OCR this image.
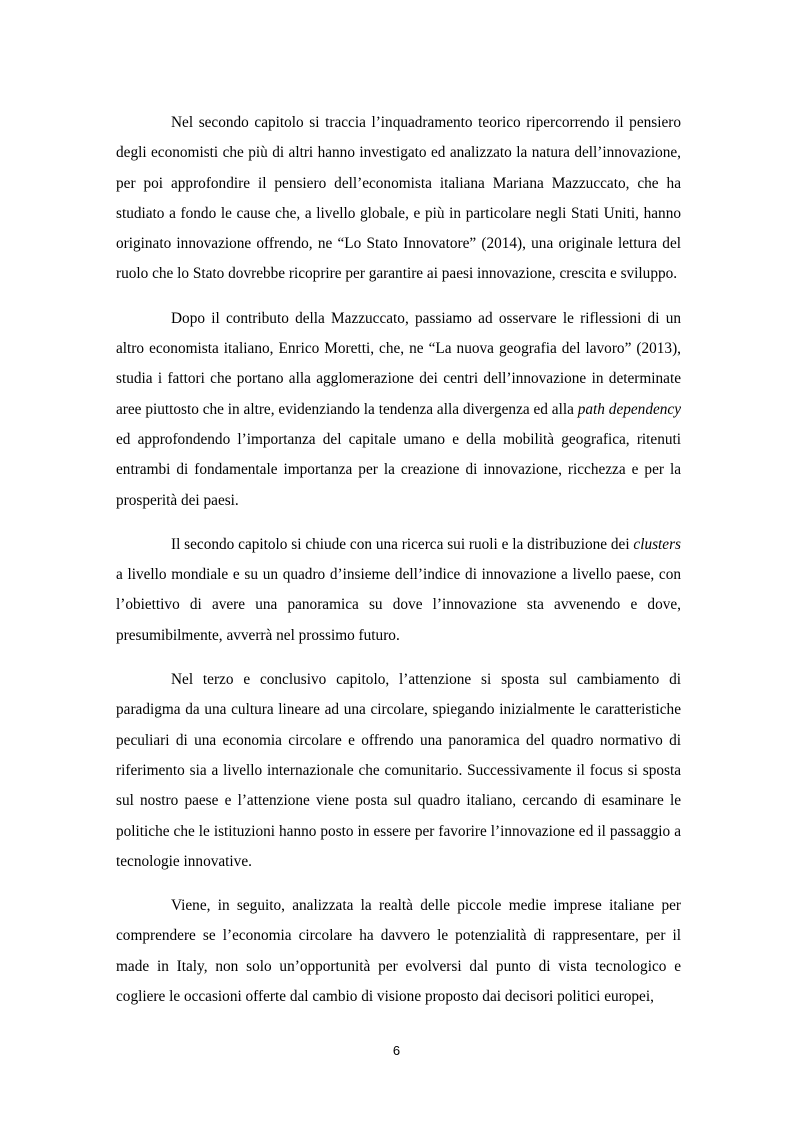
Nel secondo capitolo si traccia l’inquadramento teorico ripercorrendo il pensiero degli economisti che più di altri hanno investigato ed analizzato la natura dell’innovazione, per poi approfondire il pensiero dell’economista italiana Mariana Mazzuccato, che ha studiato a fondo le cause che, a livello globale, e più in particolare negli Stati Uniti, hanno originato innovazione offrendo, ne “Lo Stato Innovatore” (2014), una originale lettura del ruolo che lo Stato dovrebbe ricoprire per garantire ai paesi innovazione, crescita e sviluppo.

Dopo il contributo della Mazzuccato, passiamo ad osservare le riflessioni di un altro economista italiano, Enrico Moretti, che, ne “La nuova geografia del lavoro” (2013), studia i fattori che portano alla agglomerazione dei centri dell’innovazione in determinate aree piuttosto che in altre, evidenziando la tendenza alla divergenza ed alla path dependency ed approfondendo l’importanza del capitale umano e della mobilità geografica, ritenuti entrambi di fondamentale importanza per la creazione di innovazione, ricchezza e per la prosperità dei paesi.

Il secondo capitolo si chiude con una ricerca sui ruoli e la distribuzione dei clusters a livello mondiale e su un quadro d’insieme dell’indice di innovazione a livello paese, con l’obiettivo di avere una panoramica su dove l’innovazione sta avvenendo e dove, presumibilmente, avverrà nel prossimo futuro.

Nel terzo e conclusivo capitolo, l’attenzione si sposta sul cambiamento di paradigma da una cultura lineare ad una circolare, spiegando inizialmente le caratteristiche peculiari di una economia circolare e offrendo una panoramica del quadro normativo di riferimento sia a livello internazionale che comunitario. Successivamente il focus si sposta sul nostro paese e l’attenzione viene posta sul quadro italiano, cercando di esaminare le politiche che le istituzioni hanno posto in essere per favorire l’innovazione ed il passaggio a tecnologie innovative.

Viene, in seguito, analizzata la realtà delle piccole medie imprese italiane per comprendere se l’economia circolare ha davvero le potenzialità di rappresentare, per il made in Italy, non solo un’opportunità per evolversi dal punto di vista tecnologico e cogliere le occasioni offerte dal cambio di visione proposto dai decisori politici europei,

6
